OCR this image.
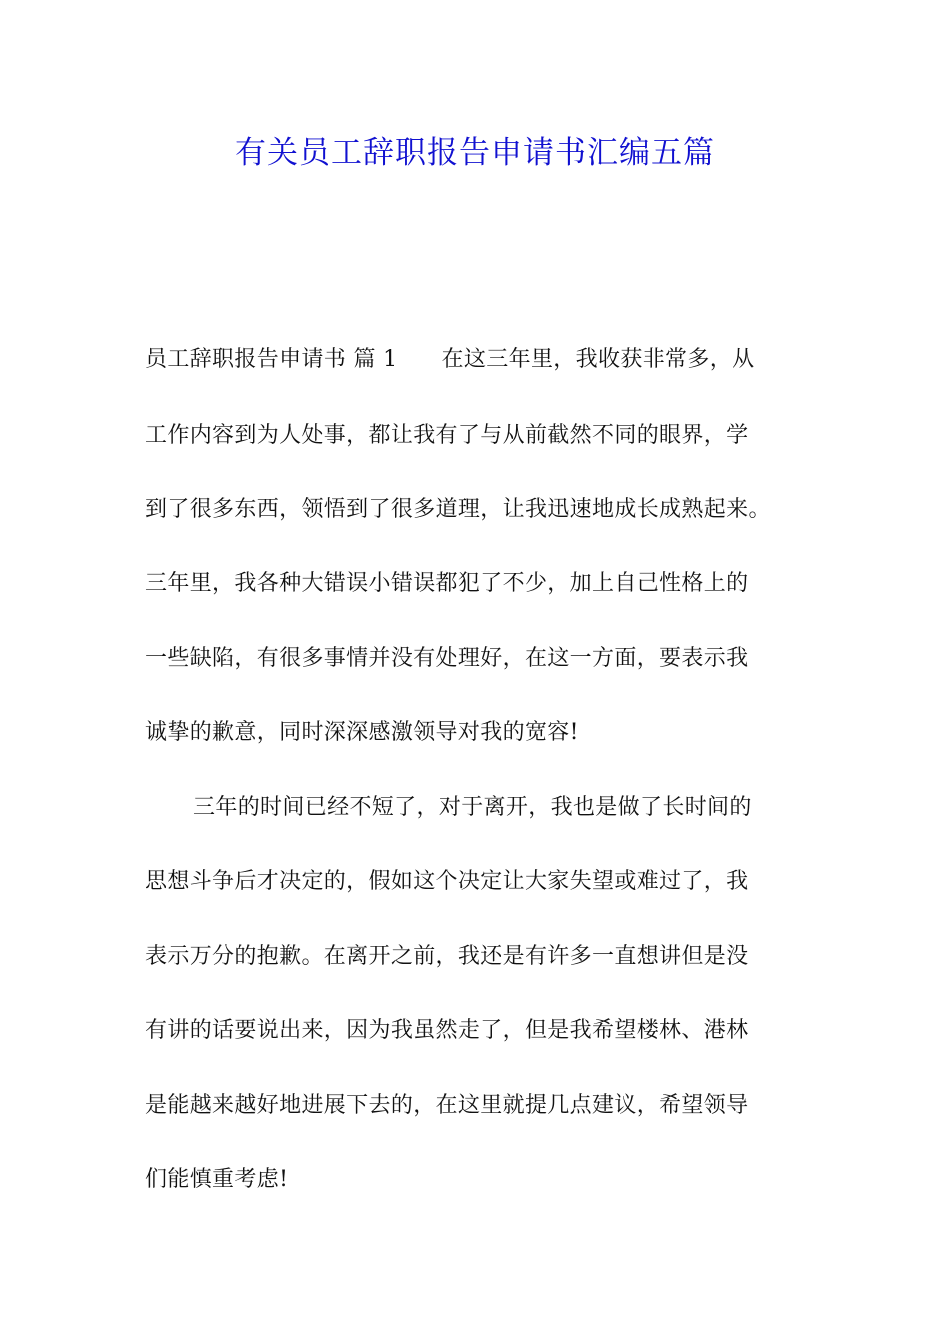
有关员工辞职报告申请书汇编五篇
员工辞职报告申请书 篇 1 在这三年里，我收获非常多，从
工作内容到为人处事，都让我有了与从前截然不同的眼界，学
到了很多东西，领悟到了很多道理，让我迅速地成长成熟起来。
三年里，我各种大错误小错误都犯了不少，加上自己性格上的
一些缺陷，有很多事情并没有处理好，在这一方面，要表示我
诚挚的歉意，同时深深感激领导对我的宽容!
三年的时间已经不短了，对于离开，我也是做了长时间的
思想斗争后才决定的，假如这个决定让大家失望或难过了，我
表示万分的抱歉。在离开之前，我还是有许多一直想讲但是没
有讲的话要说出来，因为我虽然走了，但是我希望楼林、港林
是能越来越好地进展下去的，在这里就提几点建议，希望领导
们能慎重考虑!
